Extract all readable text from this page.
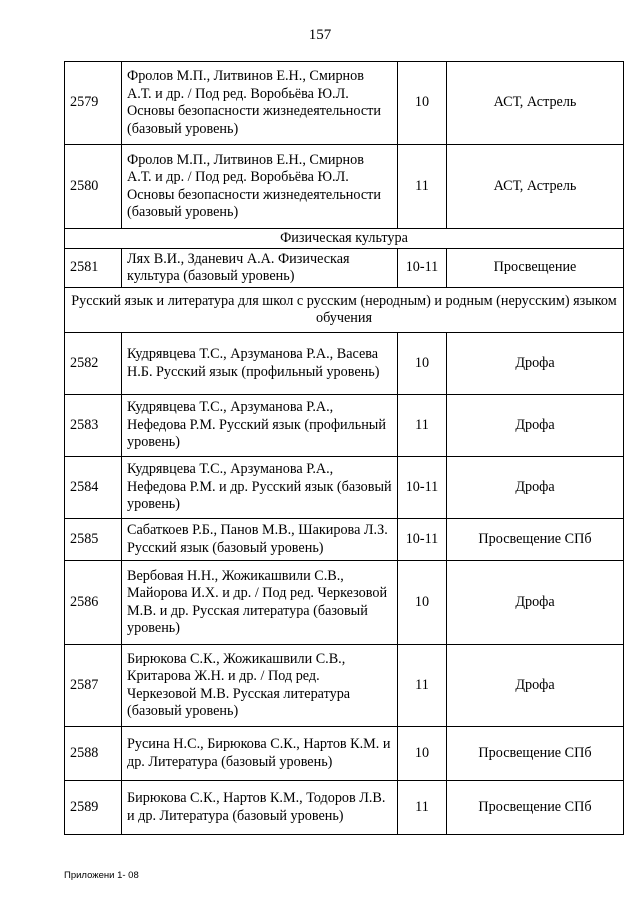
157
2579	Фролов М.П., Литвинов Е.Н., Смирнов А.Т. и др. / Под ред. Воробьёва Ю.Л. Основы безопасности жизнедеятельности (базовый уровень)	10	АСТ, Астрель
2580	Фролов М.П., Литвинов Е.Н., Смирнов А.Т. и др. / Под ред. Воробьёва Ю.Л. Основы безопасности жизнедеятельности (базовый уровень)	11	АСТ, Астрель
Физическая культура			
2581	Лях В.И., Зданевич А.А. Физическая культура (базовый уровень)	10-11	Просвещение
Русский язык и литература для школ с русским (неродным) и родным (нерусским) языком обучения			
2582	Кудрявцева Т.С., Арзуманова Р.А., Васева Н.Б. Русский язык (профильный уровень)	10	Дрофа
2583	Кудрявцева Т.С., Арзуманова Р.А., Нефедова Р.М. Русский язык (профильный уровень)	11	Дрофа
2584	Кудрявцева Т.С., Арзуманова Р.А., Нефедова Р.М. и др. Русский язык (базовый уровень)	10-11	Дрофа
2585	Сабаткоев Р.Б., Панов М.В., Шакирова Л.З. Русский язык (базовый уровень)	10-11	Просвещение СПб
2586	Вербовая Н.Н., Жожикашвили С.В., Майорова И.Х. и др. / Под ред. Черкезовой М.В. и др. Русская литература (базовый уровень)	10	Дрофа
2587	Бирюкова С.К., Жожикашвили С.В., Критарова Ж.Н. и др. / Под ред. Черкезовой М.В. Русская литература (базовый уровень)	11	Дрофа
2588	Русина Н.С., Бирюкова С.К., Нартов К.М. и др. Литература (базовый уровень)	10	Просвещение СПб
2589	Бирюкова С.К., Нартов К.М., Тодоров Л.В. и др. Литература (базовый уровень)	11	Просвещение СПб
Приложени 1- 08
